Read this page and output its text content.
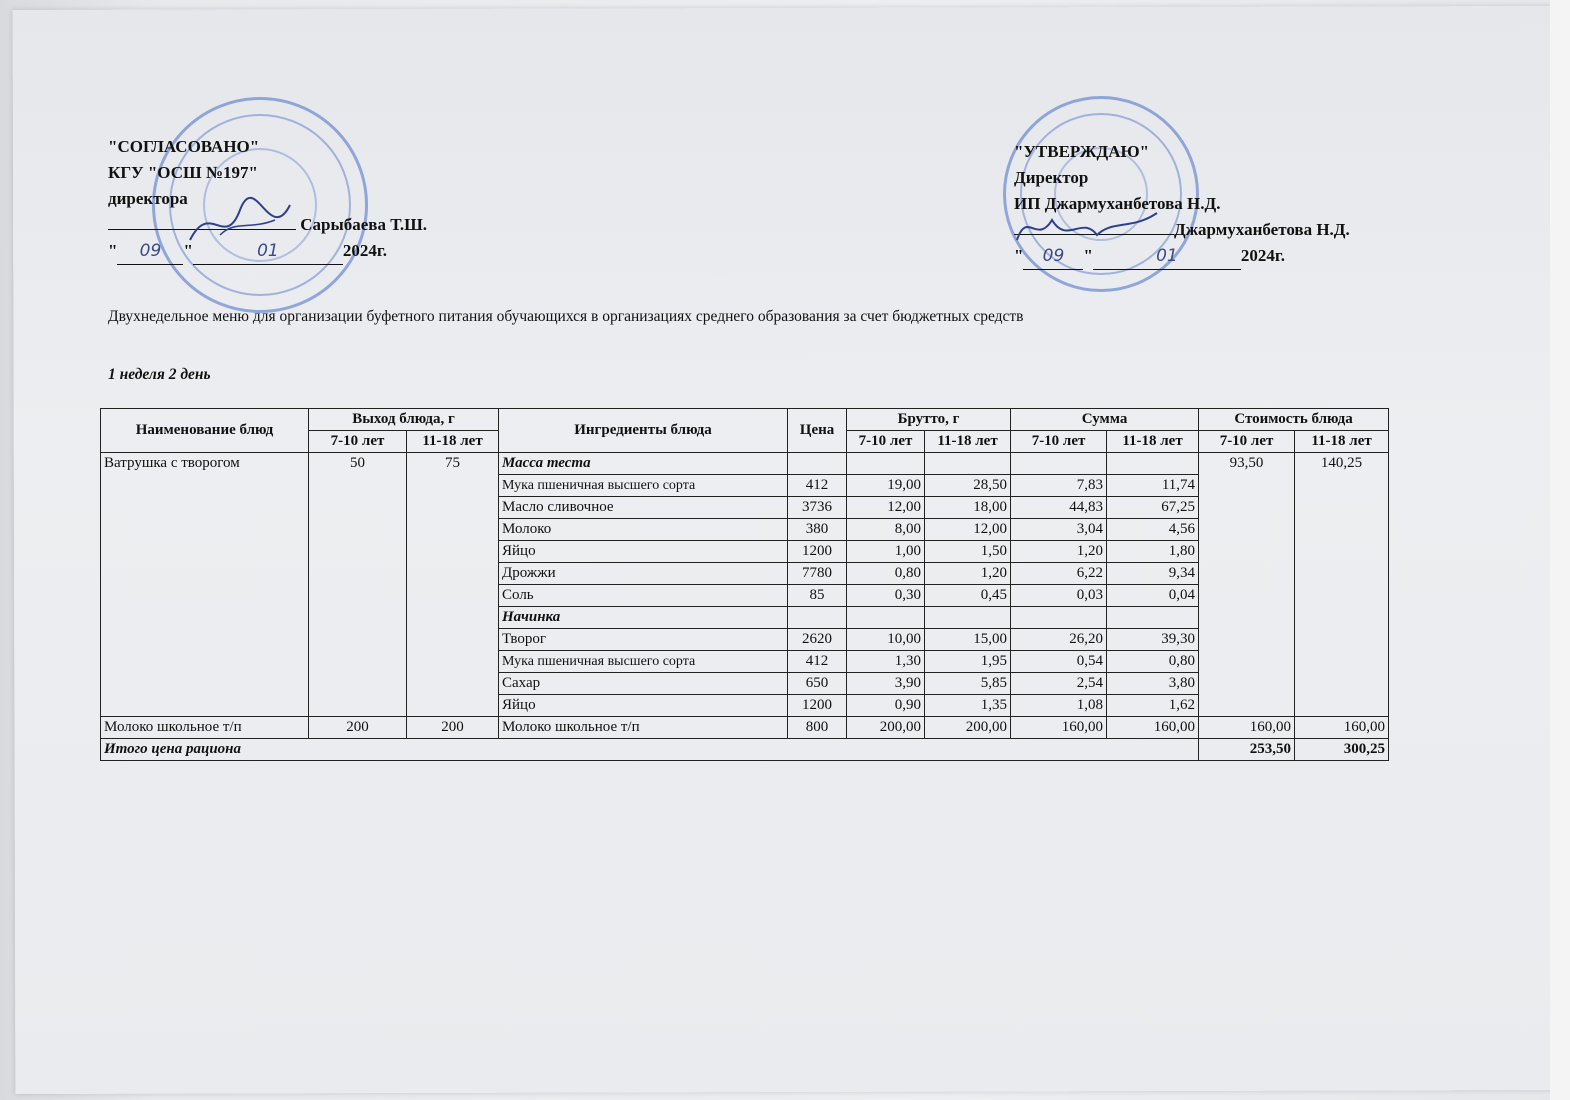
"СОГЛАСОВАНО"
КГУ "ОСШ №197"
директора
Сарыбаева Т.Ш.
" 09 "	01	2024г.
"УТВЕРЖДАЮ"
Директор
ИП Джармуханбетова Н.Д.
Джармуханбетова Н.Д.
" 09 "	01	2024г.
Двухнедельное меню для организации буфетного питания обучающихся в организациях среднего образования за счет бюджетных средств
1 неделя 2 день
Наименование блюд	Выход блюда, г		Ингредиенты блюда	Цена	Брутто, г		Сумма		Стоимость блюда	
	7-10 лет	11-18 лет			7-10 лет	11-18 лет	7-10 лет	11-18 лет	7-10 лет	11-18 лет
Ватрушка с творогом	50	75	Масса теста						93,50	140,25
			Мука пшеничная высшего сорта	412	19,00	28,50	7,83	11,74		
			Масло сливочное	3736	12,00	18,00	44,83	67,25		
			Молоко	380	8,00	12,00	3,04	4,56		
			Яйцо	1200	1,00	1,50	1,20	1,80		
			Дрожжи	7780	0,80	1,20	6,22	9,34		
			Соль	85	0,30	0,45	0,03	0,04		
			Начинка							
			Творог	2620	10,00	15,00	26,20	39,30		
			Мука пшеничная высшего сорта	412	1,30	1,95	0,54	0,80		
			Сахар	650	3,90	5,85	2,54	3,80		
			Яйцо	1200	0,90	1,35	1,08	1,62		
Молоко школьное т/п	200	200	Молоко школьное т/п	800	200,00	200,00	160,00	160,00	160,00	160,00
Итого цена рациона									253,50	300,25
